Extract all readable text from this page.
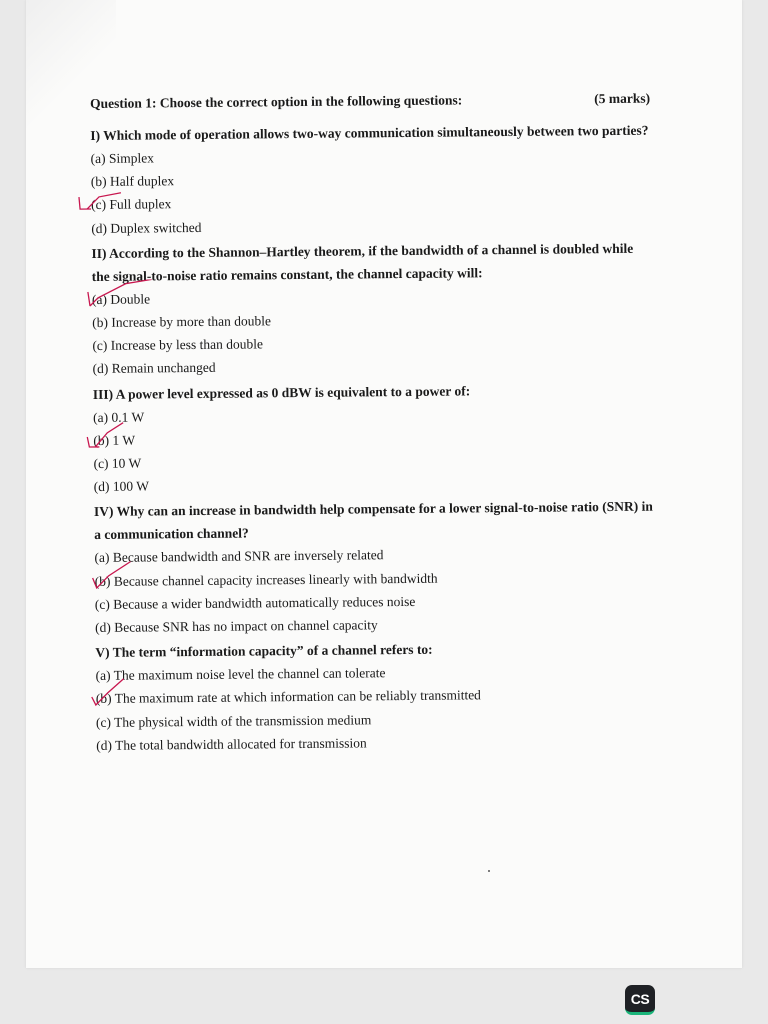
Question 1: Choose the correct option in the following questions:	(5 marks)
I) Which mode of operation allows two-way communication simultaneously between two parties?
(a) Simplex
(b) Half duplex
(c) Full duplex
(d) Duplex switched
II) According to the Shannon–Hartley theorem, if the bandwidth of a channel is doubled while the signal-to-noise ratio remains constant, the channel capacity will:
(a) Double
(b) Increase by more than double
(c) Increase by less than double
(d) Remain unchanged
III) A power level expressed as 0 dBW is equivalent to a power of:
(a) 0.1 W
(b) 1 W
(c) 10 W
(d) 100 W
IV) Why can an increase in bandwidth help compensate for a lower signal-to-noise ratio (SNR) in a communication channel?
(a) Because bandwidth and SNR are inversely related
(b) Because channel capacity increases linearly with bandwidth
(c) Because a wider bandwidth automatically reduces noise
(d) Because SNR has no impact on channel capacity
V) The term “information capacity” of a channel refers to:
(a) The maximum noise level the channel can tolerate
(b) The maximum rate at which information can be reliably transmitted
(c) The physical width of the transmission medium
(d) The total bandwidth allocated for transmission
CS
